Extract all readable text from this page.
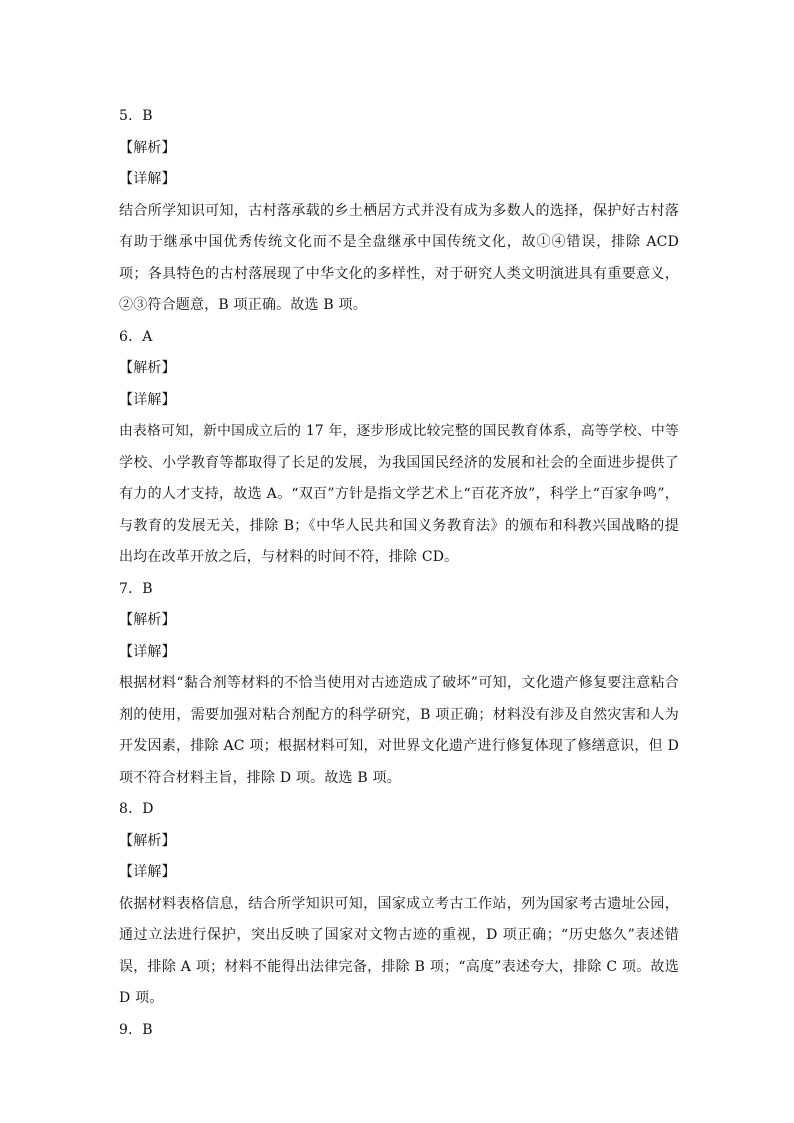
5．B
【解析】
【详解】
结合所学知识可知，古村落承载的乡土栖居方式并没有成为多数人的选择，保护好古村落
有助于继承中国优秀传统文化而不是全盘继承中国传统文化，故①④错误，排除 ACD
项；各具特色的古村落展现了中华文化的多样性，对于研究人类文明演进具有重要意义，
②③符合题意，B 项正确。故选 B 项。
6．A
【解析】
【详解】
由表格可知，新中国成立后的 17 年，逐步形成比较完整的国民教育体系，高等学校、中等
学校、小学教育等都取得了长足的发展，为我国国民经济的发展和社会的全面进步提供了
有力的人才支持，故选 A。“双百”方针是指文学艺术上“百花齐放”，科学上“百家争鸣”，
与教育的发展无关，排除 B；《中华人民共和国义务教育法》的颁布和科教兴国战略的提
出均在改革开放之后，与材料的时间不符，排除 CD。
7．B
【解析】
【详解】
根据材料“黏合剂等材料的不恰当使用对古迹造成了破坏”可知，文化遗产修复要注意粘合
剂的使用，需要加强对粘合剂配方的科学研究，B 项正确；材料没有涉及自然灾害和人为
开发因素，排除 AC 项；根据材料可知，对世界文化遗产进行修复体现了修缮意识，但 D
项不符合材料主旨，排除 D 项。故选 B 项。
8．D
【解析】
【详解】
依据材料表格信息，结合所学知识可知，国家成立考古工作站，列为国家考古遗址公园，
通过立法进行保护，突出反映了国家对文物古迹的重视，D 项正确；“历史悠久”表述错
误，排除 A 项；材料不能得出法律完备，排除 B 项；“高度”表述夸大，排除 C 项。故选
D 项。
9．B
